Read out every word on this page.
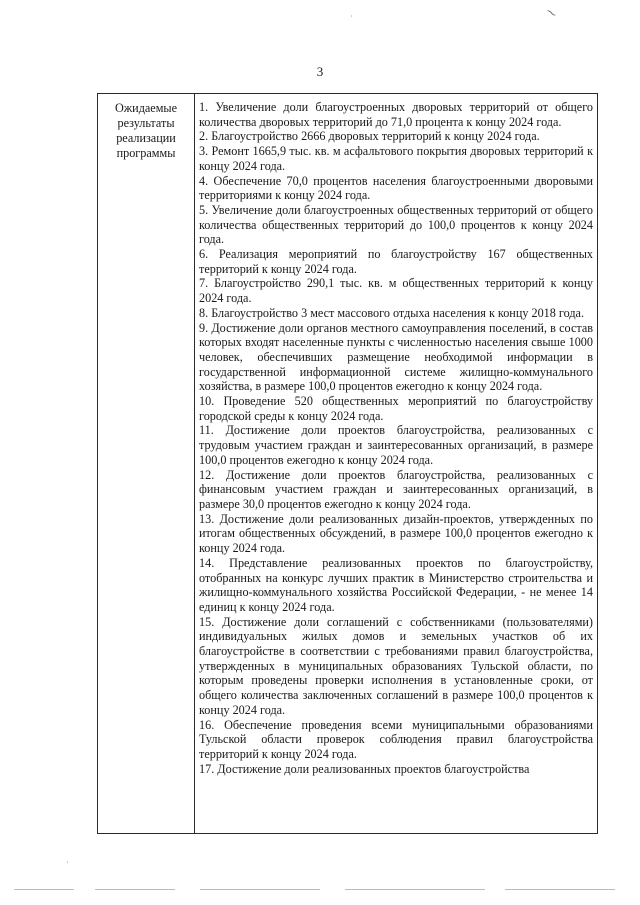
⁓
·
·
3
Ожидаемые результаты реализации программы
1. Увеличение доли благоустроенных дворовых территорий от общего количества дворовых территорий до 71,0 процента к концу 2024 года.
2. Благоустройство 2666 дворовых территорий к концу 2024 года.
3. Ремонт 1665,9 тыс. кв. м асфальтового покрытия дворовых территорий к концу 2024 года.
4. Обеспечение 70,0 процентов населения благоустроенными дворовыми территориями к концу 2024 года.
5. Увеличение доли благоустроенных общественных территорий от общего количества общественных территорий до 100,0 процентов к концу 2024 года.
6. Реализация мероприятий по благоустройству 167 общественных территорий к концу 2024 года.
7. Благоустройство 290,1 тыс. кв. м общественных территорий к концу 2024 года.
8. Благоустройство 3 мест массового отдыха населения к концу 2018 года.
9. Достижение доли органов местного самоуправления поселений, в состав которых входят населенные пункты с численностью населения свыше 1000 человек, обеспечивших размещение необходимой информации в государственной информационной системе жилищно-коммунального хозяйства, в размере 100,0 процентов ежегодно к концу 2024 года.
10. Проведение 520 общественных мероприятий по благоустройству городской среды к концу 2024 года.
11. Достижение доли проектов благоустройства, реализованных с трудовым участием граждан и заинтересованных организаций, в размере 100,0 процентов ежегодно к концу 2024 года.
12. Достижение доли проектов благоустройства, реализованных с финансовым участием граждан и заинтересованных организаций, в размере 30,0 процентов ежегодно к концу 2024 года.
13. Достижение доли реализованных дизайн-проектов, утвержденных по итогам общественных обсуждений, в размере 100,0 процентов ежегодно к концу 2024 года.
14. Представление реализованных проектов по благоустройству, отобранных на конкурс лучших практик в Министерство строительства и жилищно-коммунального хозяйства Российской Федерации, - не менее 14 единиц к концу 2024 года.
15. Достижение доли соглашений с собственниками (пользователями) индивидуальных жилых домов и земельных участков об их благоустройстве в соответствии с требованиями правил благоустройства, утвержденных в муниципальных образованиях Тульской области, по которым проведены проверки исполнения в установленные сроки, от общего количества заключенных соглашений в размере 100,0 процентов к концу 2024 года.
16. Обеспечение проведения всеми муниципальными образованиями Тульской области проверок соблюдения правил благоустройства территорий к концу 2024 года.
17. Достижение доли реализованных проектов благоустройства
